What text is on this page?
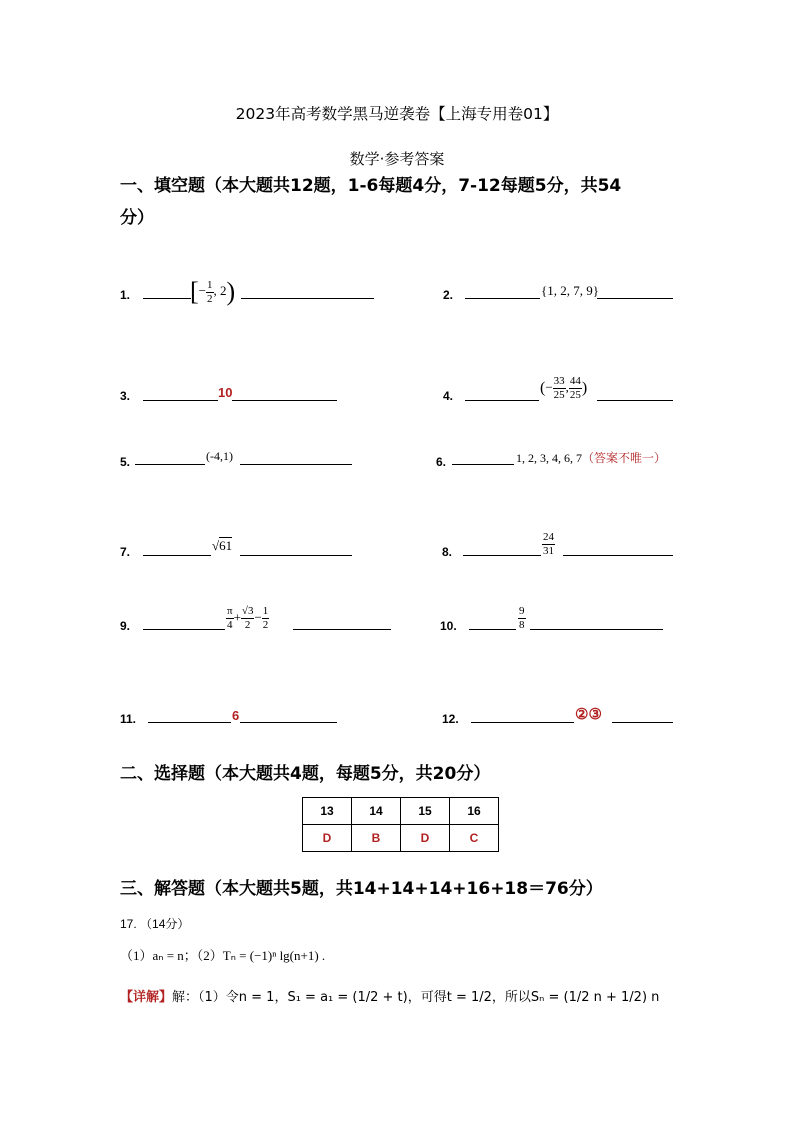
2023年高考数学黑马逆袭卷【上海专用卷01】
数学·参考答案
一、填空题（本大题共12题，1-6每题4分，7-12每题5分，共54
分）
1. [− $\frac{1}{2}$ , 2)	2.	{1, 2, 7, 9}
3.	10	4.	(− $\frac{33}{25}$ , $\frac{44}{25}$ )
5.	(-4,1)	6.	1, 2, 3, 4, 6, 7（答案不唯一）
7.	√61	8.	$\frac{24}{31}$
9.	$\frac{\pi}{4} + \frac{√3}{2} - \frac{1}{2}$	10.	$\frac{9}{8}$
11.	6	12.	②③
二、选择题（本大题共4题，每题5分，共20分）
13	14	15	16
D	B	D	C
三、解答题（本大题共5题，共14+14+14+16+18＝76分）
17. （14分）
（1）aₙ = n；（2）Tₙ = (−1)ⁿ lg(n+1) .
【详解】解：（1）令n = 1，S₁ = a₁ = (1/2 + t)，可得t = 1/2，所以Sₙ = (1/2 n + 1/2) n
